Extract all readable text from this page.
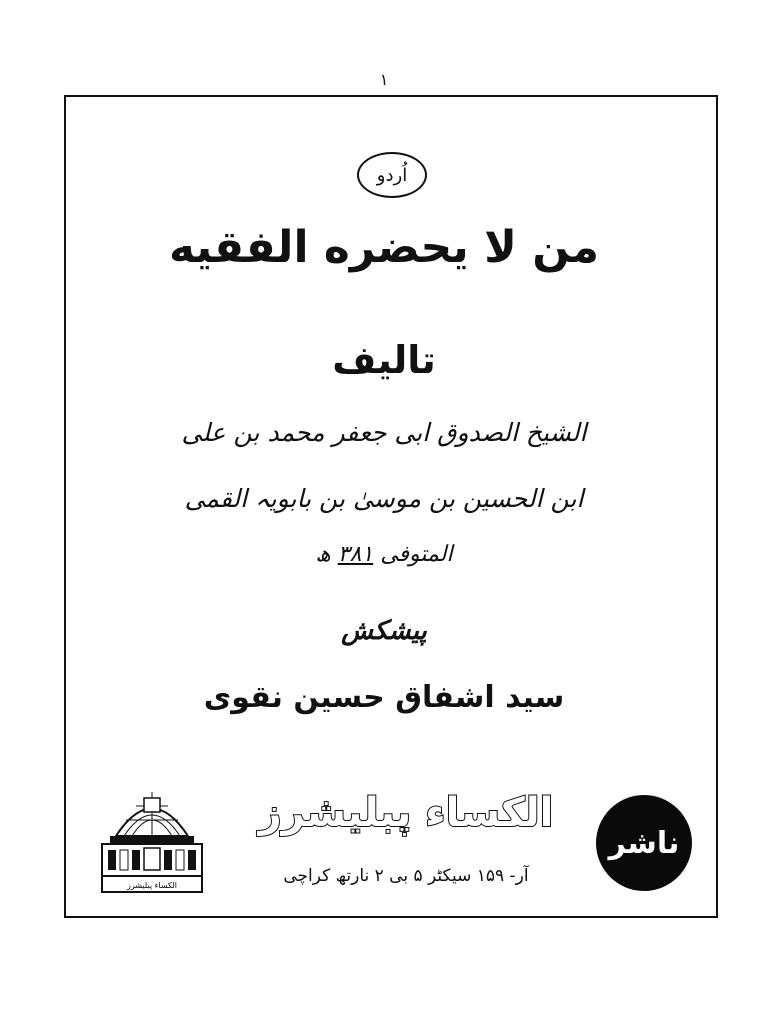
۱
اُردو
من لا يحضره الفقيه
تالیف
الشیخ الصدوق ابی جعفر محمد بن علی
ابن الحسین بن موسیٰ بن بابویہ القمی
المتوفی ۳۸۱ ھ
پیشکش
سید اشفاق حسین نقوی
الکساء پبلیشرز
الکساء پبلیشرز
آر- ۱۵۹ سیکٹر ۵ بی ۲ نارتھ کراچی
ناشر
